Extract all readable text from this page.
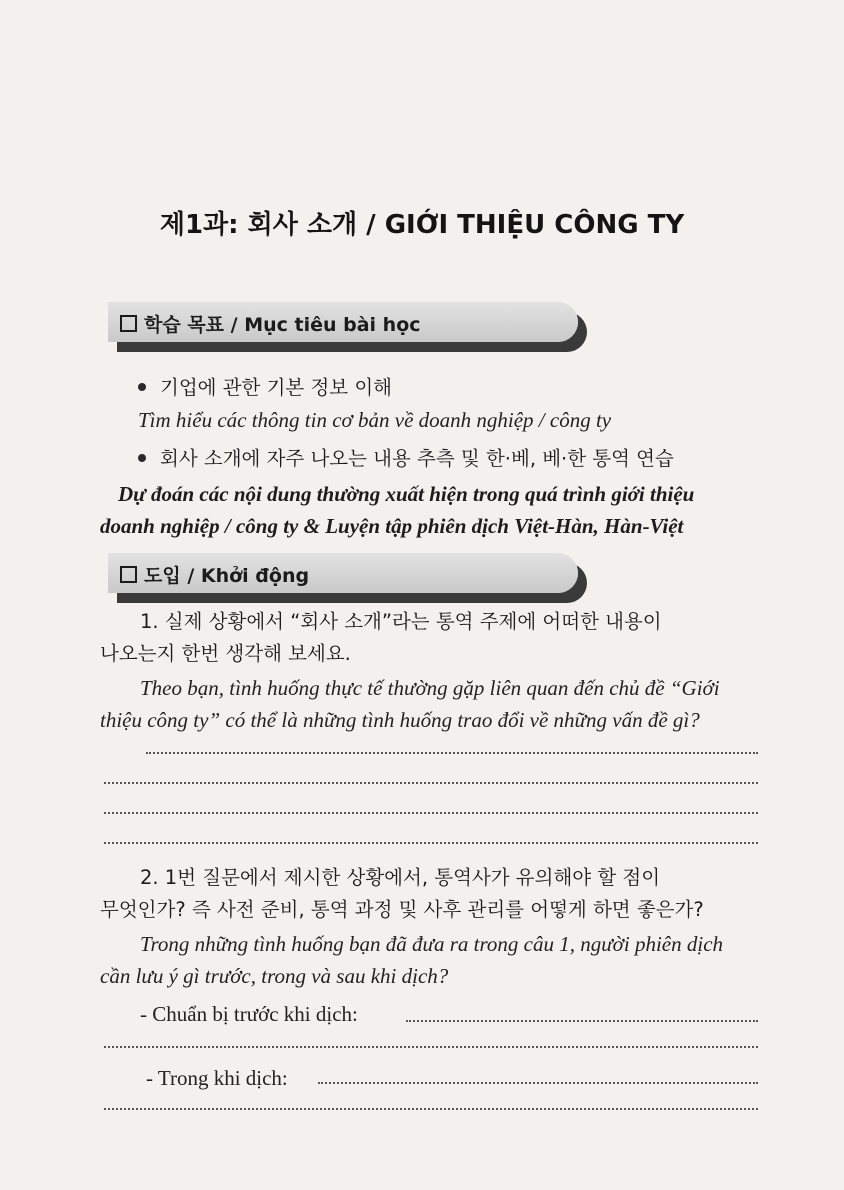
제1과: 회사 소개 / GIỚI THIỆU CÔNG TY
학습 목표 / Mục tiêu bài học
기업에 관한 기본 정보 이해
Tìm hiểu các thông tin cơ bản về doanh nghiệp / công ty
회사 소개에 자주 나오는 내용 추측 및 한·베, 베·한 통역 연습
Dự đoán các nội dung thường xuất hiện trong quá trình giới thiệu
doanh nghiệp / công ty & Luyện tập phiên dịch Việt-Hàn, Hàn-Việt
도입 / Khởi động
1. 실제 상황에서 “회사 소개”라는 통역 주제에 어떠한 내용이
나오는지 한번 생각해 보세요.
Theo bạn, tình huống thực tế thường gặp liên quan đến chủ đề “Giới
thiệu công ty” có thể là những tình huống trao đổi về những vấn đề gì?
2. 1번 질문에서 제시한 상황에서, 통역사가 유의해야 할 점이
무엇인가? 즉 사전 준비, 통역 과정 및 사후 관리를 어떻게 하면 좋은가?
Trong những tình huống bạn đã đưa ra trong câu 1, người phiên dịch
cần lưu ý gì trước, trong và sau khi dịch?
- Chuẩn bị trước khi dịch:
- Trong khi dịch:
